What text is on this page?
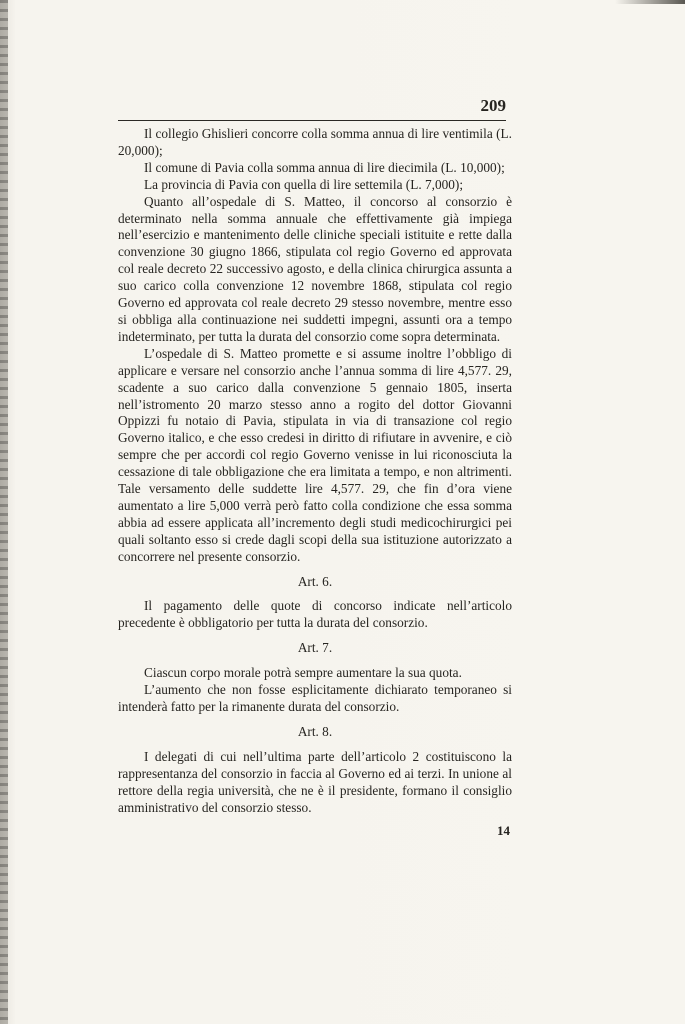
209

Il collegio Ghislieri concorre colla somma annua di lire ventimila (L. 20,000);

Il comune di Pavia colla somma annua di lire diecimila (L. 10,000);

La provincia di Pavia con quella di lire settemila (L. 7,000);

Quanto all’ospedale di S. Matteo, il concorso al consorzio è determinato nella somma annuale che effettivamente già impiega nell’esercizio e mantenimento delle cliniche speciali istituite e rette dalla convenzione 30 giugno 1866, stipulata col regio Governo ed approvata col reale decreto 22 successivo agosto, e della clinica chirurgica assunta a suo carico colla convenzione 12 novembre 1868, stipulata col regio Governo ed approvata col reale decreto 29 stesso novembre, mentre esso si obbliga alla continuazione nei suddetti impegni, assunti ora a tempo indeterminato, per tutta la durata del consorzio come sopra determinata.

L’ospedale di S. Matteo promette e si assume inoltre l’obbligo di applicare e versare nel consorzio anche l’annua somma di lire 4,577. 29, scadente a suo carico dalla convenzione 5 gennaio 1805, inserta nell’istromento 20 marzo stesso anno a rogito del dottor Giovanni Oppizzi fu notaio di Pavia, stipulata in via di transazione col regio Governo italico, e che esso credesi in diritto di rifiutare in avvenire, e ciò sempre che per accordi col regio Governo venisse in lui riconosciuta la cessazione di tale obbligazione che era limitata a tempo, e non altrimenti. Tale versamento delle suddette lire 4,577. 29, che fin d’ora viene aumentato a lire 5,000 verrà però fatto colla condizione che essa somma abbia ad essere applicata all’incremento degli studi medicochirurgici pei quali soltanto esso si crede dagli scopi della sua istituzione autorizzato a concorrere nel presente consorzio.

Art. 6.

Il pagamento delle quote di concorso indicate nell’articolo precedente è obbligatorio per tutta la durata del consorzio.

Art. 7.

Ciascun corpo morale potrà sempre aumentare la sua quota.

L’aumento che non fosse esplicitamente dichiarato temporaneo si intenderà fatto per la rimanente durata del consorzio.

Art. 8.

I delegati di cui nell’ultima parte dell’articolo 2 costituiscono la rappresentanza del consorzio in faccia al Governo ed ai terzi. In unione al rettore della regia università, che ne è il presidente, formano il consiglio amministrativo del consorzio stesso.

14
